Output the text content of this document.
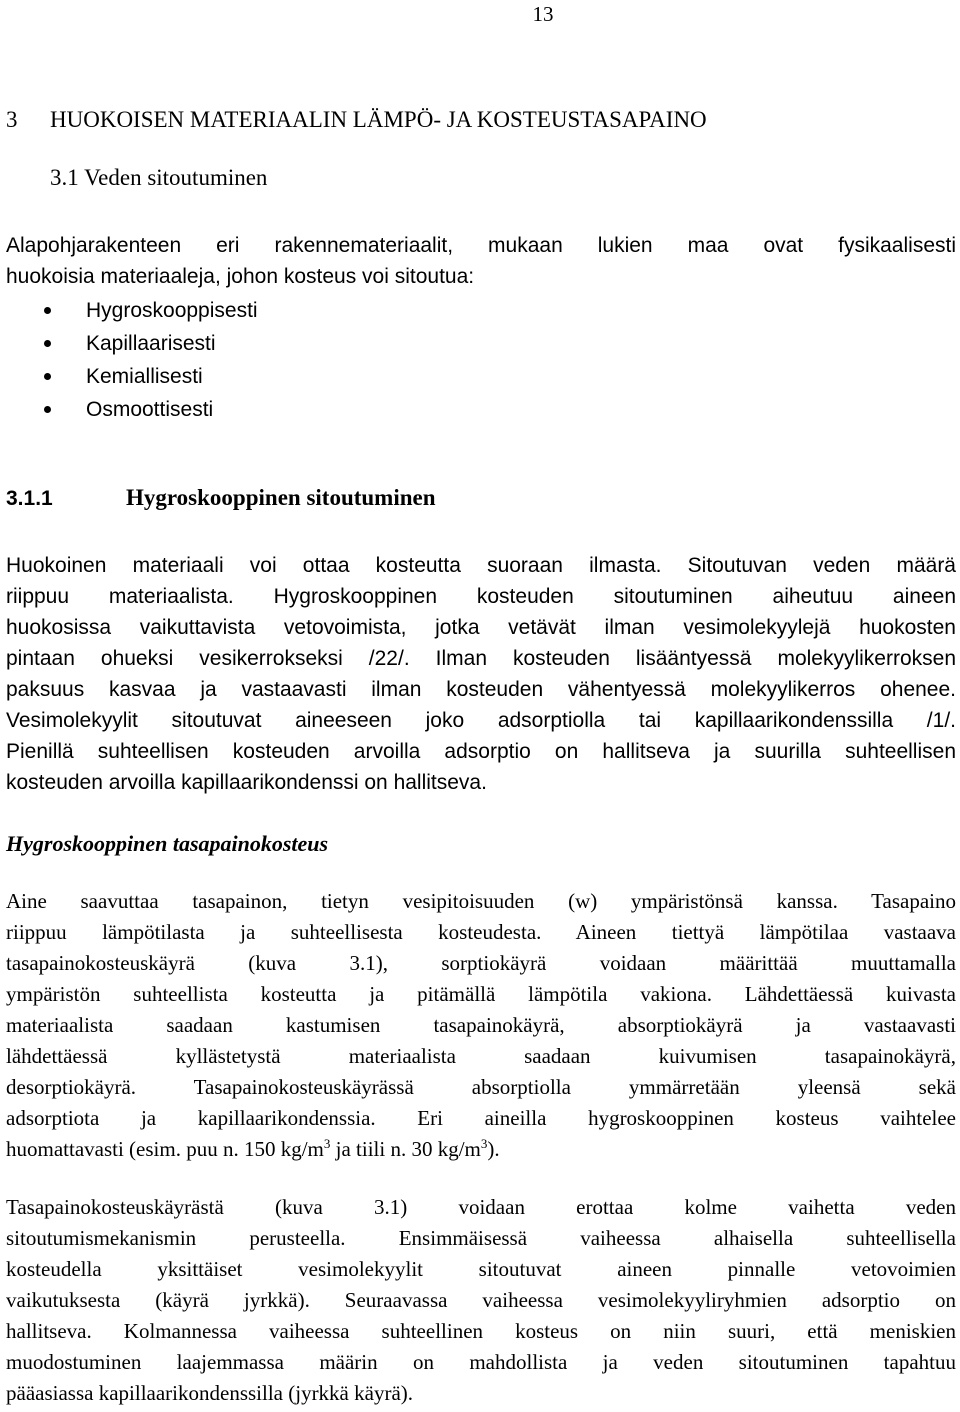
13
3 HUOKOISEN MATERIAALIN LÄMPÖ- JA KOSTEUSTASAPAINO
3.1 Veden sitoutuminen
Alapohjarakenteen eri rakennemateriaalit, mukaan lukien maa ovat fysikaalisesti
huokoisia materiaaleja, johon kosteus voi sitoutua:
Hygroskooppisesti
Kapillaarisesti
Kemiallisesti
Osmoottisesti
3.1.1	Hygroskooppinen sitoutuminen
Huokoinen materiaali voi ottaa kosteutta suoraan ilmasta. Sitoutuvan veden määrä
riippuu materiaalista. Hygroskooppinen kosteuden sitoutuminen aiheutuu aineen
huokosissa vaikuttavista vetovoimista, jotka vetävät ilman vesimolekyylejä huokosten
pintaan ohueksi vesikerrokseksi /22/. Ilman kosteuden lisääntyessä molekyylikerroksen
paksuus kasvaa ja vastaavasti ilman kosteuden vähentyessä molekyylikerros ohenee.
Vesimolekyylit sitoutuvat aineeseen joko adsorptiolla tai kapillaarikondenssilla /1/.
Pienillä suhteellisen kosteuden arvoilla adsorptio on hallitseva ja suurilla suhteellisen
kosteuden arvoilla kapillaarikondenssi on hallitseva.
Hygroskooppinen tasapainokosteus
Aine saavuttaa tasapainon, tietyn vesipitoisuuden (w) ympäristönsä kanssa. Tasapaino
riippuu lämpötilasta ja suhteellisesta kosteudesta. Aineen tiettyä lämpötilaa vastaava
tasapainokosteuskäyrä (kuva 3.1), sorptiokäyrä voidaan määrittää muuttamalla
ympäristön suhteellista kosteutta ja pitämällä lämpötila vakiona. Lähdettäessä kuivasta
materiaalista saadaan kastumisen tasapainokäyrä, absorptiokäyrä ja vastaavasti
lähdettäessä kyllästetystä materiaalista saadaan kuivumisen tasapainokäyrä,
desorptiokäyrä. Tasapainokosteuskäyrässä absorptiolla ymmärretään yleensä sekä
adsorptiota ja kapillaarikondenssia. Eri aineilla hygroskooppinen kosteus vaihtelee
huomattavasti (esim. puu n. 150 $kg/m^3$ ja tiili n. 30 $kg/m^3$).
Tasapainokosteuskäyrästä (kuva 3.1) voidaan erottaa kolme vaihetta veden
sitoutumismekanismin perusteella. Ensimmäisessä vaiheessa alhaisella suhteellisella
kosteudella yksittäiset vesimolekyylit sitoutuvat aineen pinnalle vetovoimien
vaikutuksesta (käyrä jyrkkä). Seuraavassa vaiheessa vesimolekyyliryhmien adsorptio on
hallitseva. Kolmannessa vaiheessa suhteellinen kosteus on niin suuri, että meniskien
muodostuminen laajemmassa määrin on mahdollista ja veden sitoutuminen tapahtuu
pääasiassa kapillaarikondenssilla (jyrkkä käyrä).
